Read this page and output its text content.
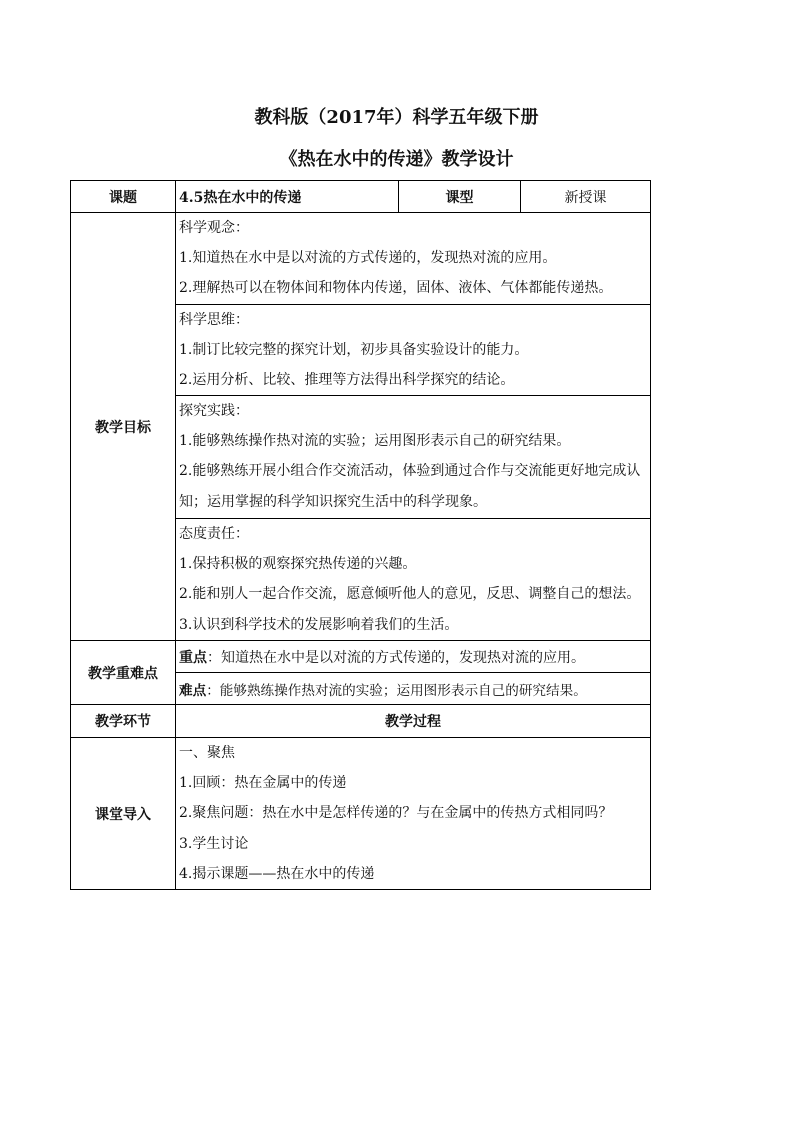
教科版（2017年）科学五年级下册
《热在水中的传递》教学设计
课题	4.5热在水中的传递	课型	新授课
教学目标	科学观念：
1.知道热在水中是以对流的方式传递的，发现热对流的应用。
2.理解热可以在物体间和物体内传递，固体、液体、气体都能传递热。		

	科学思维：
1.制订比较完整的探究计划，初步具备实验设计的能力。
2.运用分析、比较、推理等方法得出科学探究的结论。		

	探究实践：
1.能够熟练操作热对流的实验；运用图形表示自己的研究结果。
2.能够熟练开展小组合作交流活动，体验到通过合作与交流能更好地完成认知；运用掌握的科学知识探究生活中的科学现象。		

	态度责任：
1.保持积极的观察探究热传递的兴趣。
2.能和别人一起合作交流，愿意倾听他人的意见，反思、调整自己的想法。
3.认识到科学技术的发展影响着我们的生活。		

教学重难点	重点：知道热在水中是以对流的方式传递的，发现热对流的应用。		
	难点：能够熟练操作热对流的实验；运用图形表示自己的研究结果。		
教学环节	教学过程		
课堂导入	一、聚焦
1.回顾：热在金属中的传递
2.聚焦问题：热在水中是怎样传递的？与在金属中的传热方式相同吗？
3.学生讨论
4.揭示课题——热在水中的传递		
